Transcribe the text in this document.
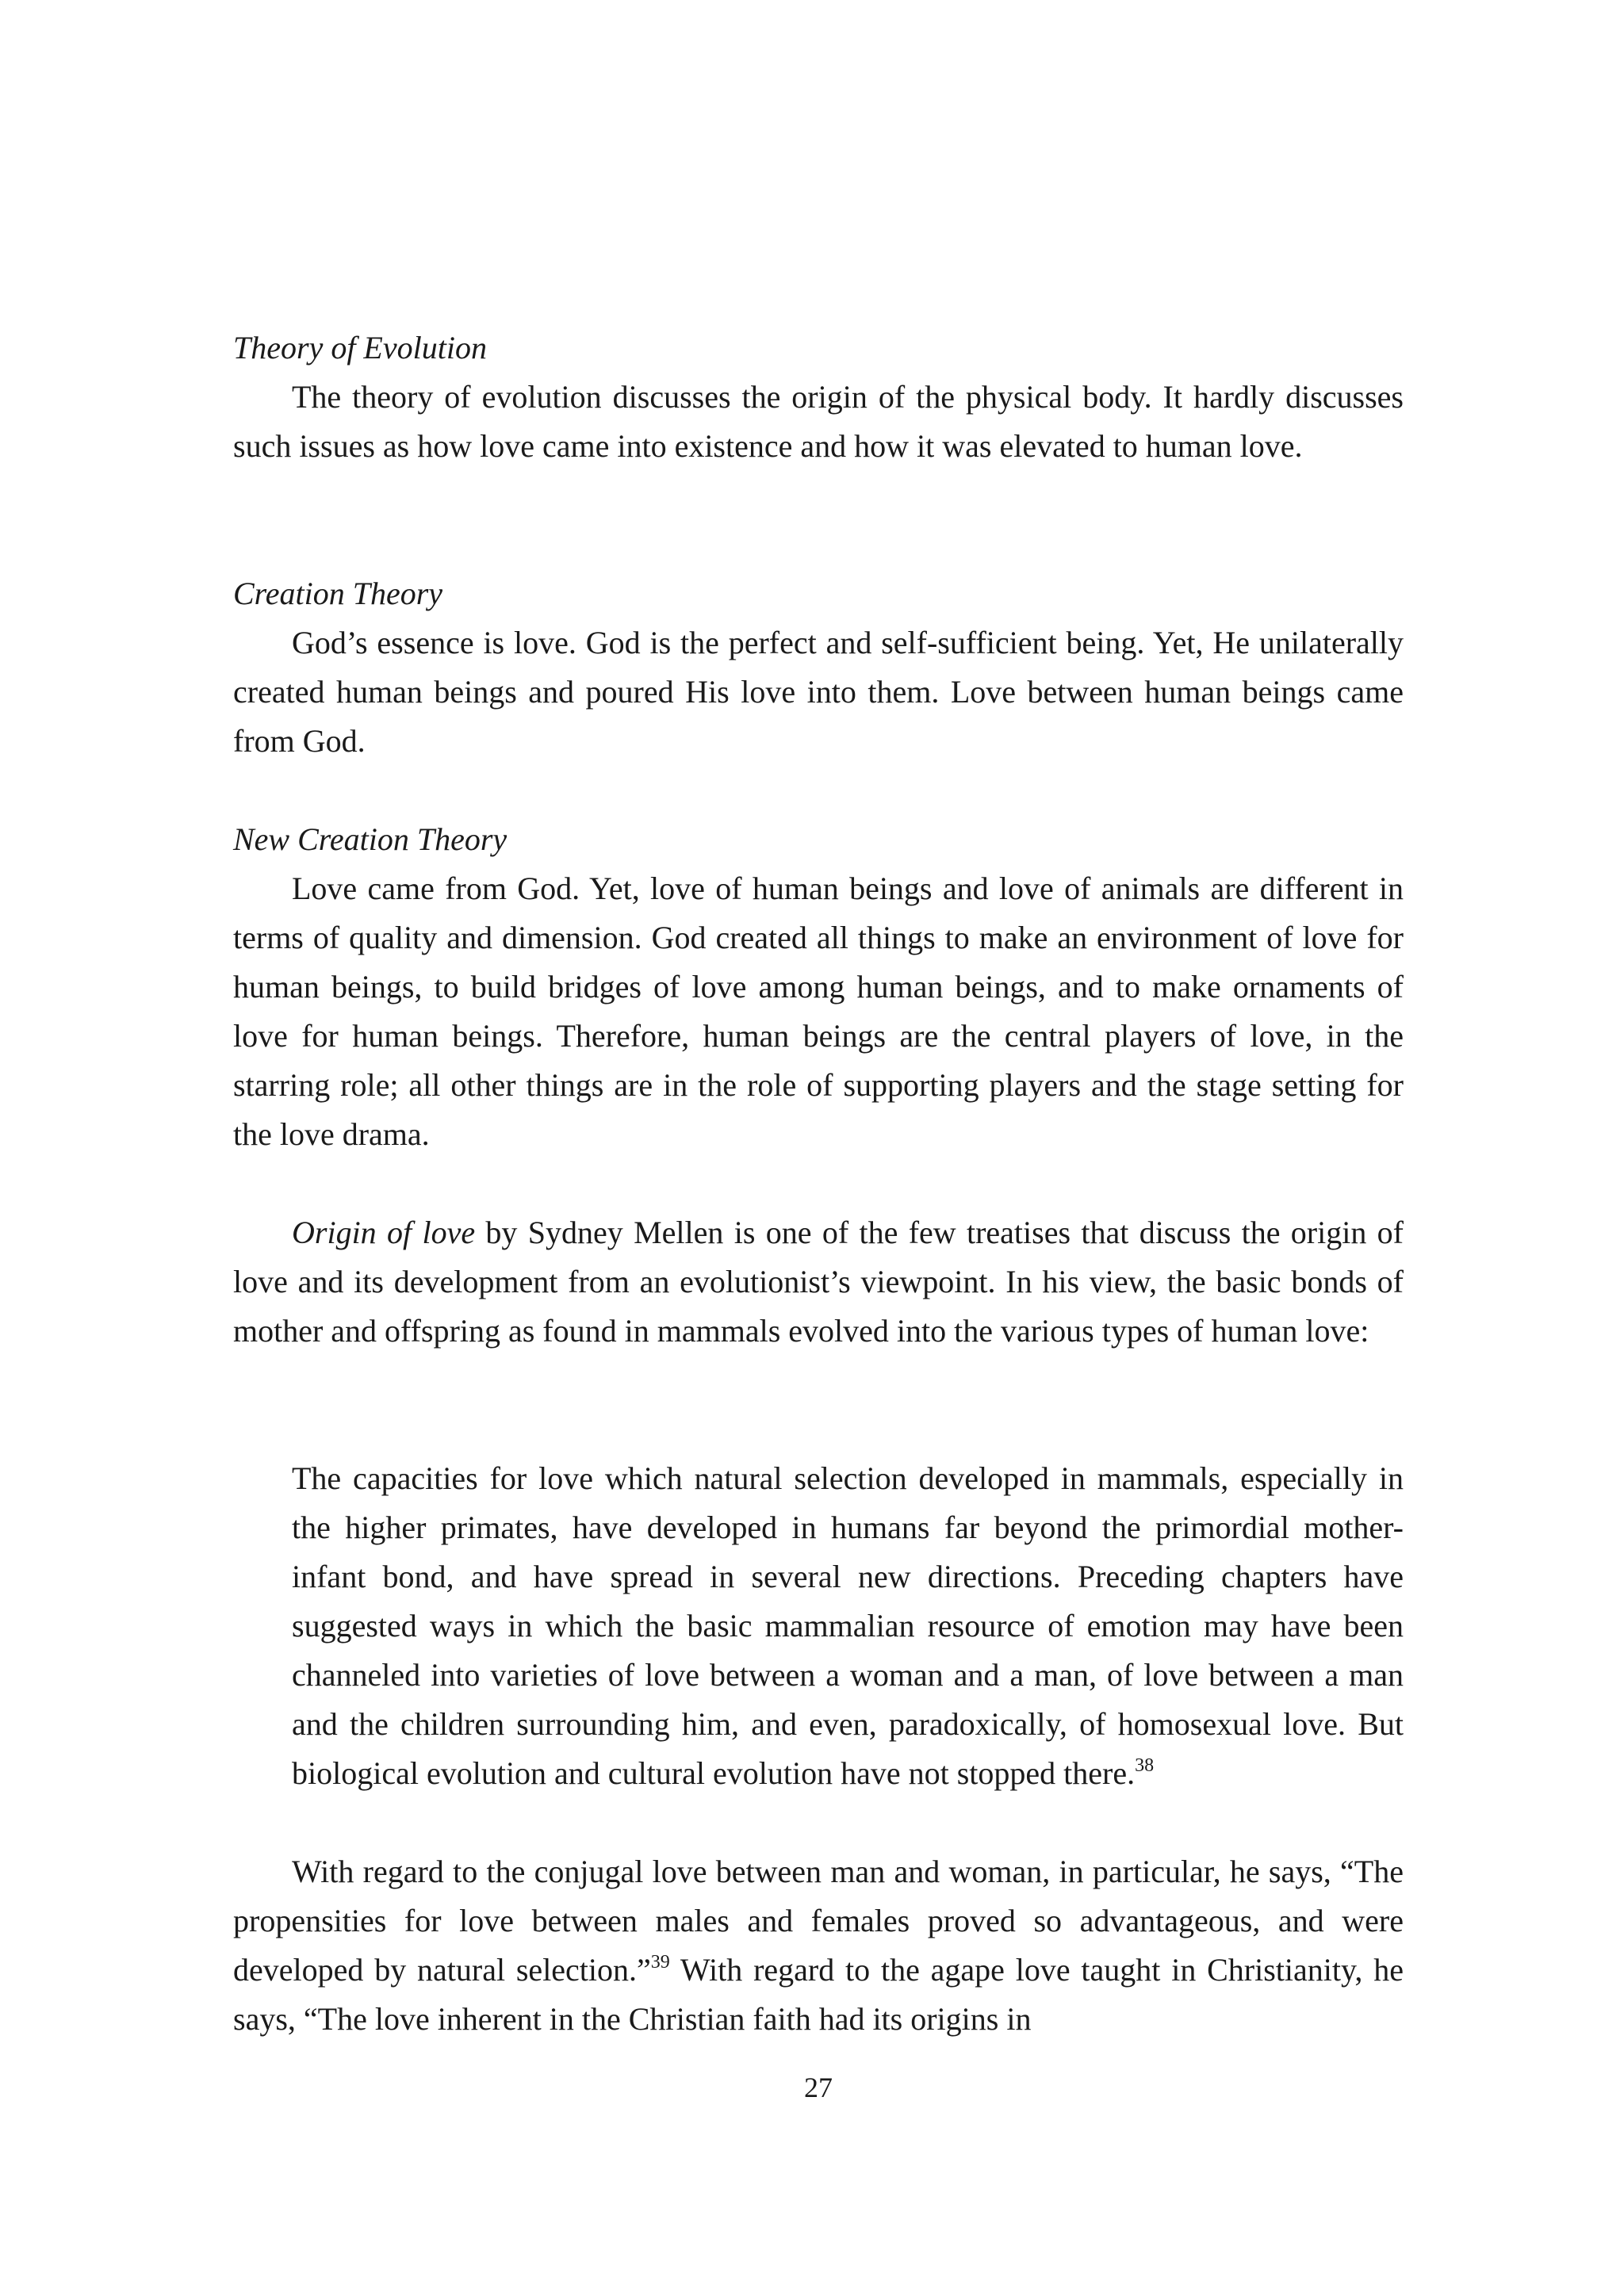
Theory of Evolution

The theory of evolution discusses the origin of the physical body. It hardly discusses such issues as how love came into existence and how it was elevated to human love.

Creation Theory

God’s essence is love. God is the perfect and self-sufficient being. Yet, He unilaterally created human beings and poured His love into them. Love between human beings came from God.

New Creation Theory

Love came from God. Yet, love of human beings and love of animals are different in terms of quality and dimension. God created all things to make an environment of love for human beings, to build bridges of love among human beings, and to make ornaments of love for human beings. Therefore, human beings are the central players of love, in the starring role; all other things are in the role of supporting players and the stage setting for the love drama.

Origin of love by Sydney Mellen is one of the few treatises that discuss the origin of love and its development from an evolutionist’s viewpoint. In his view, the basic bonds of mother and offspring as found in mammals evolved into the various types of human love:

The capacities for love which natural selection developed in mammals, especially in the higher primates, have developed in humans far beyond the primordial mother-infant bond, and have spread in several new directions. Preceding chapters have suggested ways in which the basic mammalian resource of emotion may have been channeled into varieties of love between a woman and a man, of love between a man and the children surrounding him, and even, paradoxically, of homosexual love. But biological evolution and cultural evolution have not stopped there.$^{38}$

With regard to the conjugal love between man and woman, in particular, he says, “The propensities for love between males and females proved so advantageous, and were developed by natural selection.”$^{39}$ With regard to the agape love taught in Christianity, he says, “The love inherent in the Christian faith had its origins in

27
